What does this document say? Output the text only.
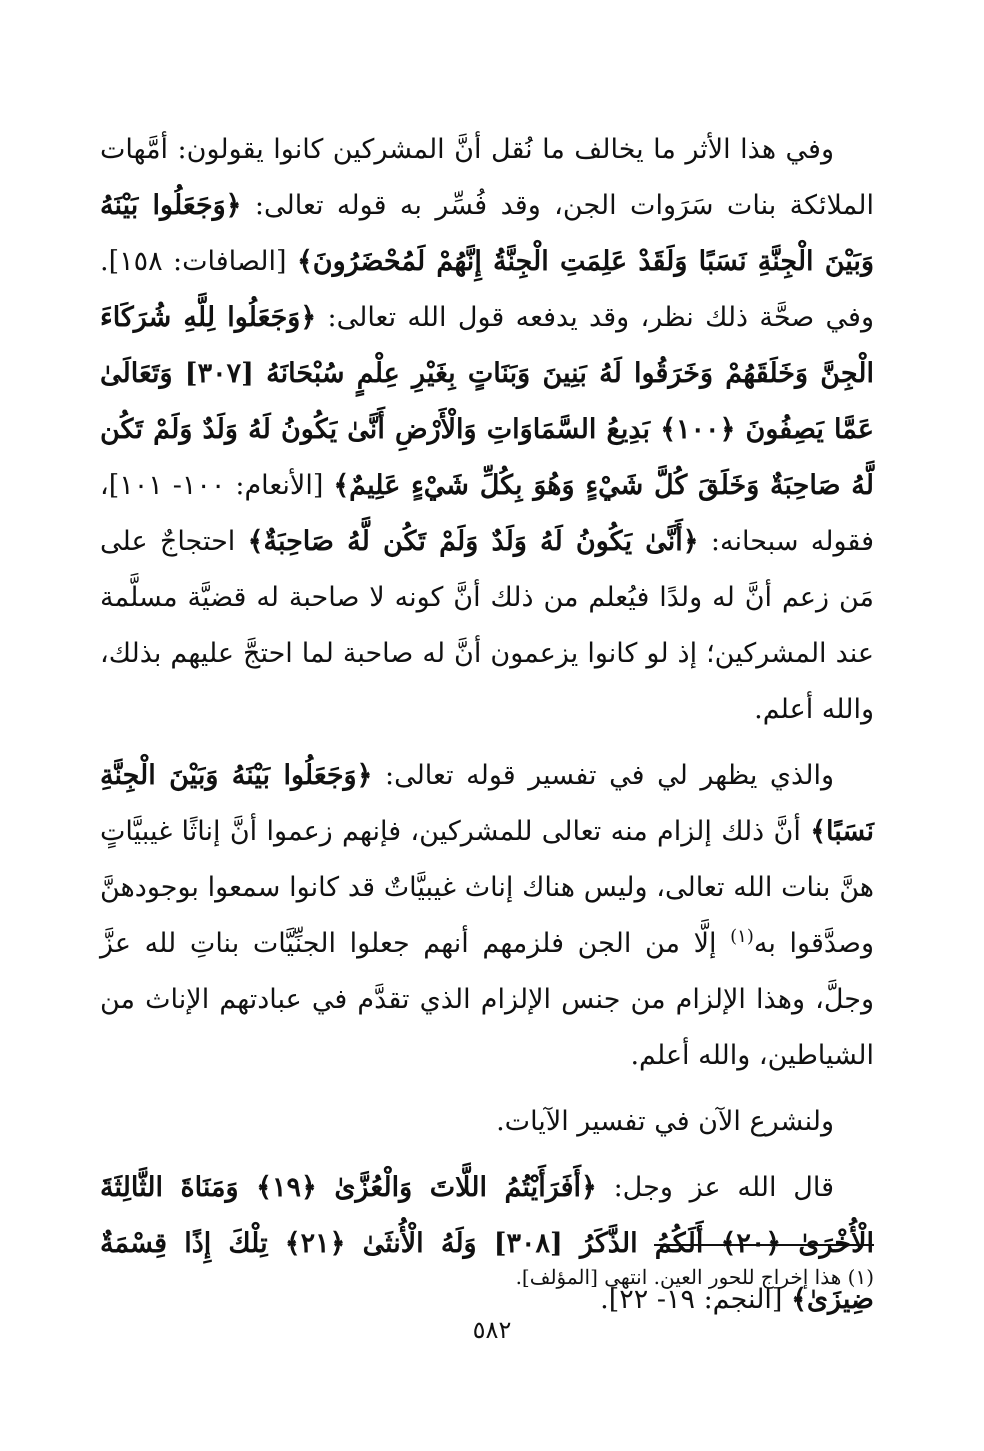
وفي هذا الأثر ما يخالف ما نُقل أنَّ المشركين كانوا يقولون: أمَّهات الملائكة بنات سَرَوات الجن، وقد فُسِّر به قوله تعالى: ﴿وَجَعَلُوا بَيْنَهُ وَبَيْنَ الْجِنَّةِ نَسَبًا وَلَقَدْ عَلِمَتِ الْجِنَّةُ إِنَّهُمْ لَمُحْضَرُونَ﴾ [الصافات: ١٥٨]. وفي صحَّة ذلك نظر، وقد يدفعه قول الله تعالى: ﴿وَجَعَلُوا لِلَّهِ شُرَكَاءَ الْجِنَّ وَخَلَقَهُمْ وَخَرَقُوا لَهُ بَنِينَ وَبَنَاتٍ بِغَيْرِ عِلْمٍ سُبْحَانَهُ [٣٠٧] وَتَعَالَىٰ عَمَّا يَصِفُونَ ﴿١٠٠﴾ بَدِيعُ السَّمَاوَاتِ وَالْأَرْضِ أَنَّىٰ يَكُونُ لَهُ وَلَدٌ وَلَمْ تَكُن لَّهُ صَاحِبَةٌ وَخَلَقَ كُلَّ شَيْءٍ وَهُوَ بِكُلِّ شَيْءٍ عَلِيمٌ﴾ [الأنعام: ١٠٠- ١٠١]، فقوله سبحانه: ﴿أَنَّىٰ يَكُونُ لَهُ وَلَدٌ وَلَمْ تَكُن لَّهُ صَاحِبَةٌ﴾ احتجاجٌ على مَن زعم أنَّ له ولدًا فيُعلم من ذلك أنَّ كونه لا صاحبة له قضيَّة مسلَّمة عند المشركين؛ إذ لو كانوا يزعمون أنَّ له صاحبة لما احتجَّ عليهم بذلك، والله أعلم.

والذي يظهر لي في تفسير قوله تعالى: ﴿وَجَعَلُوا بَيْنَهُ وَبَيْنَ الْجِنَّةِ نَسَبًا﴾ أنَّ ذلك إلزام منه تعالى للمشركين، فإنهم زعموا أنَّ إناثًا غيبيَّاتٍ هنَّ بنات الله تعالى، وليس هناك إناث غيبيَّاتٌ قد كانوا سمعوا بوجودهنَّ وصدَّقوا به$^{(١)}$ إلَّا من الجن فلزمهم أنهم جعلوا الجنِّيَّات بناتِ لله عزَّ وجلَّ، وهذا الإلزام من جنس الإلزام الذي تقدَّم في عبادتهم الإناث من الشياطين، والله أعلم.

ولنشرع الآن في تفسير الآيات.

قال الله عز وجل: ﴿أَفَرَأَيْتُمُ اللَّاتَ وَالْعُزَّىٰ ﴿١٩﴾ وَمَنَاةَ الثَّالِثَةَ الْأُخْرَىٰ ﴿٢٠﴾ أَلَكُمُ الذَّكَرُ [٣٠٨] وَلَهُ الْأُنثَىٰ ﴿٢١﴾ تِلْكَ إِذًا قِسْمَةٌ ضِيزَىٰ﴾ [النجم: ١٩- ٢٢].

(١) هذا إخراج للحور العين. انتهى [المؤلف].

٥٨٢
